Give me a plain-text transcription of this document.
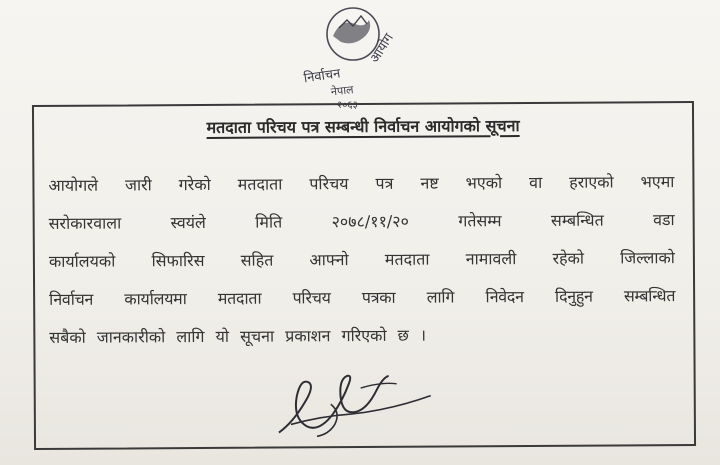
निर्वाचन
आयोग
नेपाल
२०६३
मतदाता परिचय पत्र सम्बन्धी निर्वाचन आयोगको सूचना
आयोगले जारी गरेको मतदाता परिचय पत्र नष्ट भएको वा हराएको भएमा
सरोकारवाला स्वयंले मिति २०७८/११/२० गतेसम्म सम्बन्धित वडा
कार्यालयको सिफारिस सहित आफ्नो मतदाता नामावली रहेको जिल्लाको
निर्वाचन कार्यालयमा मतदाता परिचय पत्रका लागि निवेदन दिनुहुन सम्बन्धित
सबैको जानकारीको लागि यो सूचना प्रकाशन गरिएको छ ।
